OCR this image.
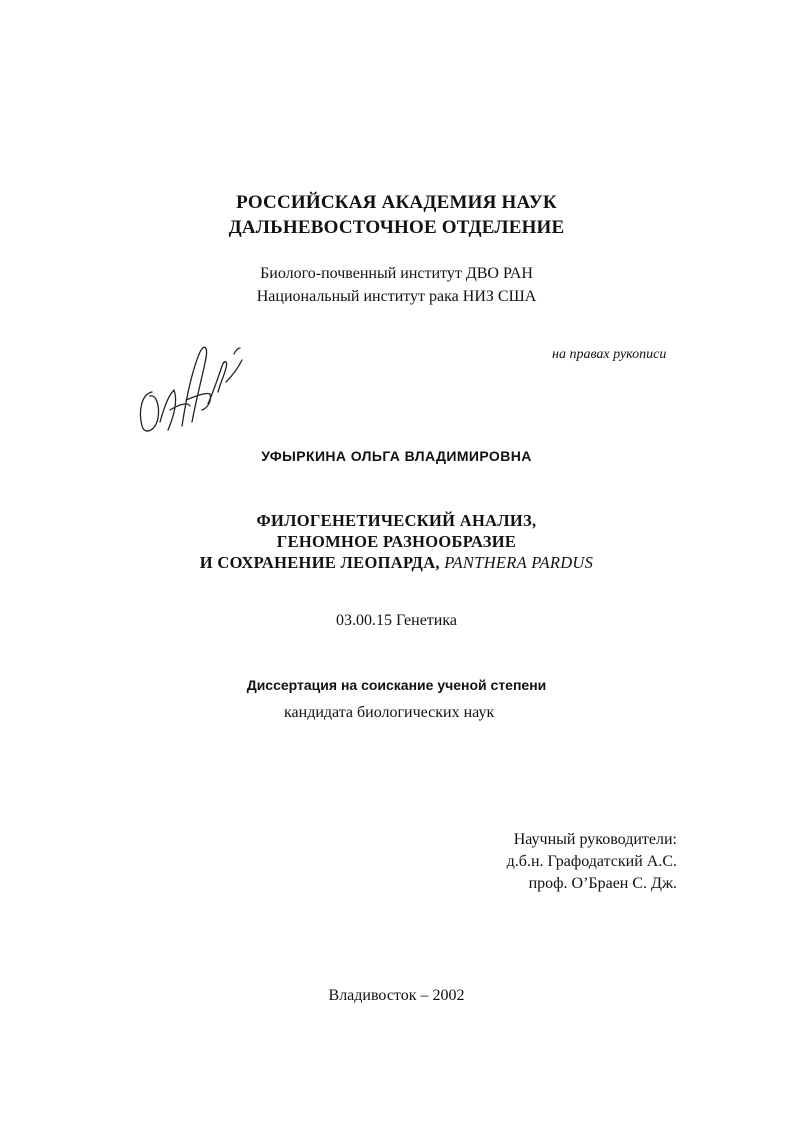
РОССИЙСКАЯ АКАДЕМИЯ НАУК
ДАЛЬНЕВОСТОЧНОЕ ОТДЕЛЕНИЕ
Биолого-почвенный институт ДВО РАН
Национальный институт рака НИЗ США
на правах рукописи
УФЫРКИНА ОЛЬГА ВЛАДИМИРОВНА
ФИЛОГЕНЕТИЧЕСКИЙ АНАЛИЗ,
ГЕНОМНОЕ РАЗНООБРАЗИЕ
И СОХРАНЕНИЕ ЛЕОПАРДА, PANTHERA PARDUS
03.00.15 Генетика
Диссертация на соискание ученой степени
кандидата биологических наук
Научный руководители:
д.б.н. Графодатский А.С.
проф. О’Браен С. Дж.
Владивосток – 2002
